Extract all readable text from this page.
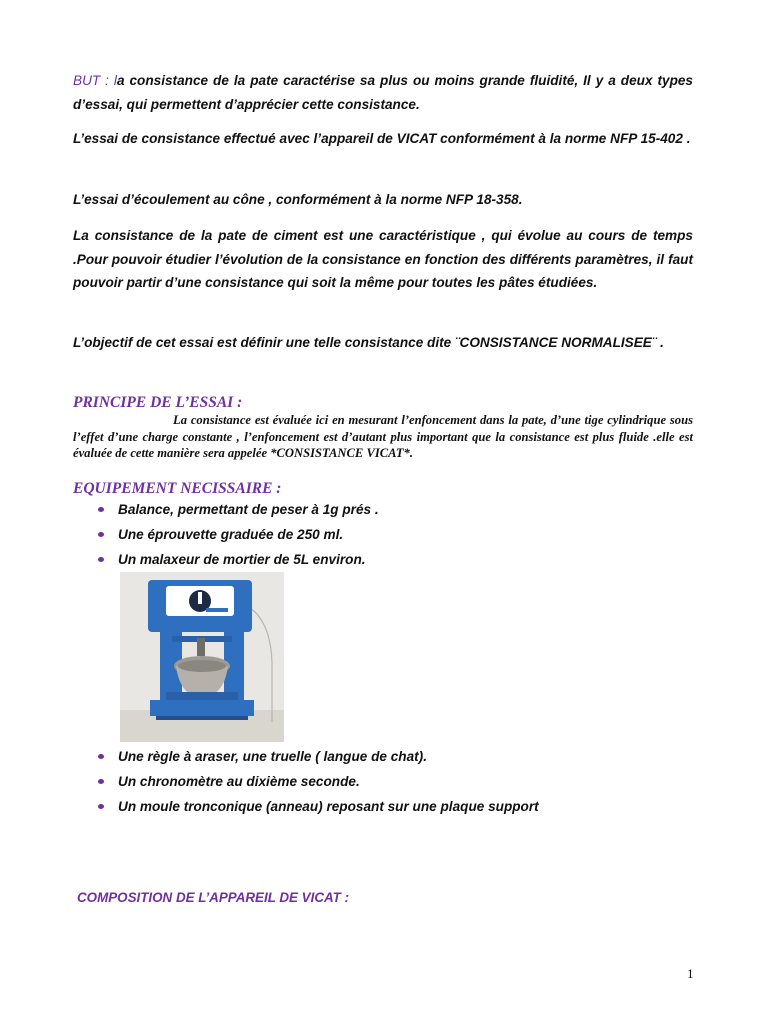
BUT : la consistance de la pate caractérise sa plus ou moins grande fluidité, Il y a deux types d’essai, qui permettent d’apprécier cette consistance.

L’essai de consistance effectué avec l’appareil de VICAT conformément à la norme NFP 15-402 .

L’essai d’écoulement au cône , conformément à la norme NFP 18-358.

La consistance de la pate de ciment est une caractéristique , qui évolue au cours de temps .Pour pouvoir étudier l’évolution de la consistance en fonction des différents paramètres, il faut pouvoir partir d’une consistance qui soit la même pour toutes les pâtes étudiées.

L’objectif de cet essai est définir une telle consistance dite ¨CONSISTANCE NORMALISEE¨ .

PRINCIPE DE L’ESSAI :

La consistance est évaluée ici en mesurant l’enfoncement dans la pate, d’une tige cylindrique sous l’effet d’une charge constante , l’enfoncement est d’autant plus important que la consistance est plus fluide .elle est évaluée de cette manière sera appelée *CONSISTANCE VICAT*.

EQUIPEMENT NECISSAIRE :
Balance, permettant de peser à 1g prés .
Une éprouvette graduée de 250 ml.
Un malaxeur de mortier de 5L environ.
Une règle à araser, une truelle ( langue de chat).
Un chronomètre au dixième seconde.
Un moule tronconique (anneau) reposant sur une plaque support
COMPOSITION DE L’APPAREIL DE VICAT :

1
